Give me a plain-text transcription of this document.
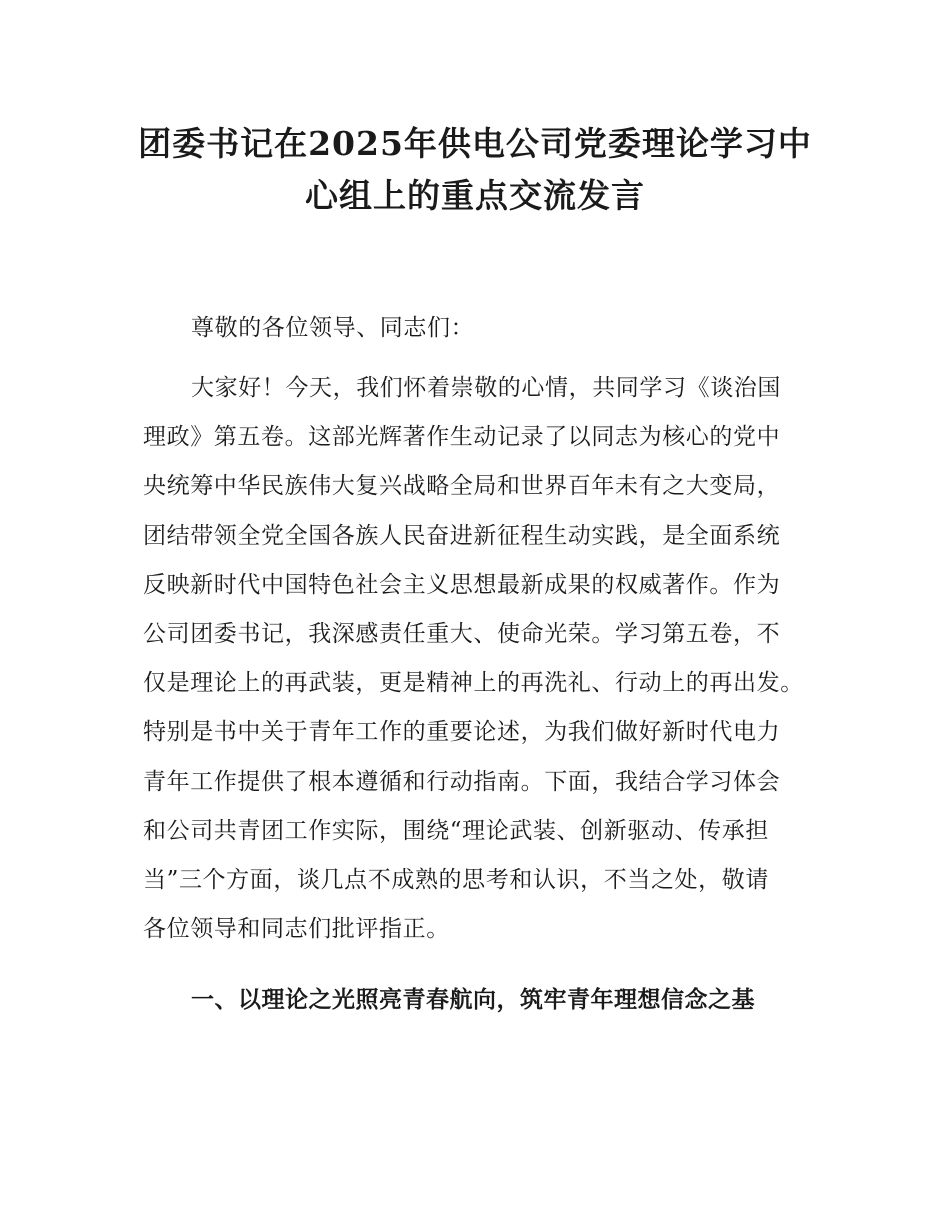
团委书记在2025年供电公司党委理论学习中
心组上的重点交流发言

尊敬的各位领导、同志们：

大家好！今天，我们怀着崇敬的心情，共同学习《谈治国
理政》第五卷。这部光辉著作生动记录了以同志为核心的党中
央统筹中华民族伟大复兴战略全局和世界百年未有之大变局，
团结带领全党全国各族人民奋进新征程生动实践，是全面系统
反映新时代中国特色社会主义思想最新成果的权威著作。作为
公司团委书记，我深感责任重大、使命光荣。学习第五卷，不
仅是理论上的再武装，更是精神上的再洗礼、行动上的再出发。
特别是书中关于青年工作的重要论述，为我们做好新时代电力
青年工作提供了根本遵循和行动指南。下面，我结合学习体会
和公司共青团工作实际，围绕“理论武装、创新驱动、传承担
当”三个方面，谈几点不成熟的思考和认识，不当之处，敬请
各位领导和同志们批评指正。

一、以理论之光照亮青春航向，筑牢青年理想信念之基
